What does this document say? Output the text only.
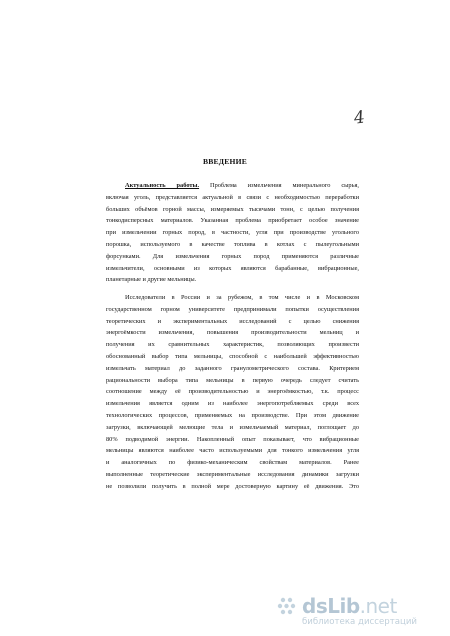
4
ВВЕДЕНИЕ
Актуальность работы. Проблема измельчения минерального сырья,
включая уголь, представляется актуальной в связи с необходимостью переработки
больших объёмов горной массы, измеряемых тысячами тонн, с целью получения
тонкодисперсных материалов. Указанная проблема приобретает особое значение
при измельчении горных пород, в частности, угля при производстве угольного
порошка, используемого в качестве топлива в котлах с пылеугольными
форсунками. Для измельчения горных пород применяются различные
измельчители, основными из которых являются барабанные, вибрационные,
планетарные и другие мельницы.
Исследователи в России и за рубежом, в том числе и в Московском
государственном горном университете предпринимали попытки осуществления
теоретических и экспериментальных исследований с целью снижения
энергоёмкости измельчения, повышения производительности мельниц и
получения их сравнительных характеристик, позволяющих произвести
обоснованный выбор типа мельницы, способной с наибольшей эффективностью
измельчать материал до заданного гранулометрического состава. Критерием
рациональности выбора типа мельницы в первую очередь следует считать
соотношение между её производительностью и энергоёмкостью, т.к. процесс
измельчения является одним из наиболее энергопотребляемых среди всех
технологических процессов, применяемых на производстве. При этом движение
загрузки, включающей мелющие тела и измельчаемый материал, поглощает до
80% подводимой энергии. Накопленный опыт показывает, что вибрационные
мельницы являются наиболее часто используемыми для тонкого измельчения угля
и аналогичных по физико-механическим свойствам материалов. Ранее
выполненные теоретические экспериментальные исследования динамики загрузки
не позволили получить в полной мере достоверную картину её движения. Это
dsLib.net
библиотека диссертаций
